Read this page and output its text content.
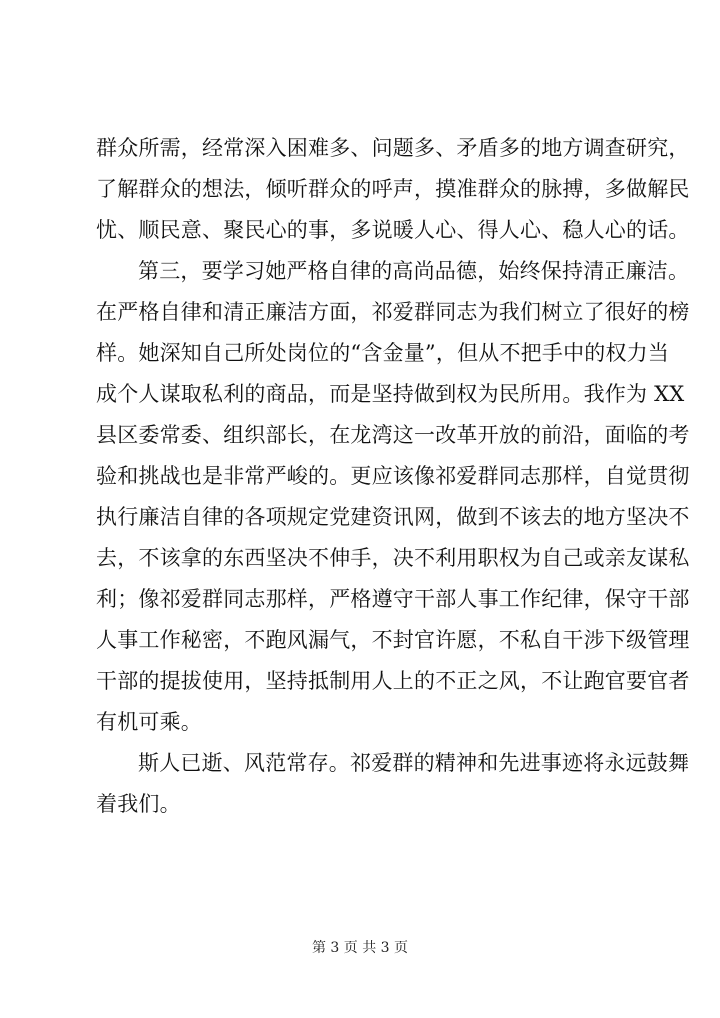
群众所需，经常深入困难多、问题多、矛盾多的地方调查研究，
了解群众的想法，倾听群众的呼声，摸准群众的脉搏，多做解民
忧、顺民意、聚民心的事，多说暖人心、得人心、稳人心的话。
第三，要学习她严格自律的高尚品德，始终保持清正廉洁。
在严格自律和清正廉洁方面，祁爱群同志为我们树立了很好的榜
样。她深知自己所处岗位的“含金量”，但从不把手中的权力当
成个人谋取私利的商品，而是坚持做到权为民所用。我作为 XX
县区委常委、组织部长，在龙湾这一改革开放的前沿，面临的考
验和挑战也是非常严峻的。更应该像祁爱群同志那样，自觉贯彻
执行廉洁自律的各项规定党建资讯网，做到不该去的地方坚决不
去，不该拿的东西坚决不伸手，决不利用职权为自己或亲友谋私
利；像祁爱群同志那样，严格遵守干部人事工作纪律，保守干部
人事工作秘密，不跑风漏气，不封官许愿，不私自干涉下级管理
干部的提拔使用，坚持抵制用人上的不正之风，不让跑官要官者
有机可乘。
斯人已逝、风范常存。祁爱群的精神和先进事迹将永远鼓舞
着我们。
第 3 页 共 3 页
